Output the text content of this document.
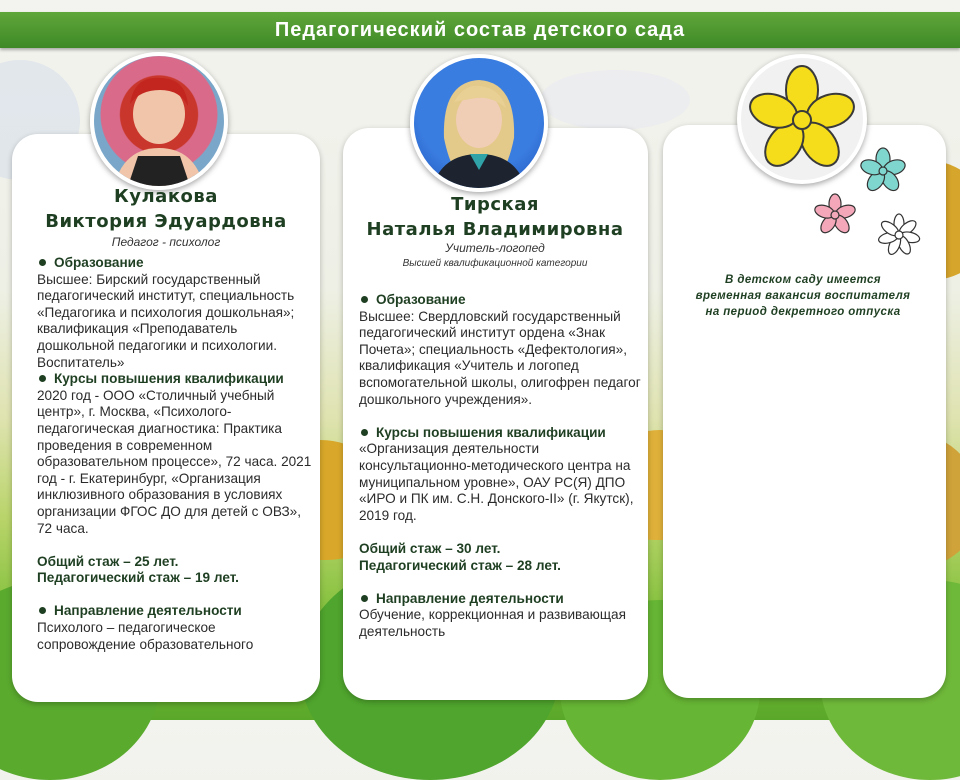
Педагогический состав детского сада
Кулакова
Виктория Эдуардовна
Педагог - психолог
Образование
Высшее: Бирский государственный педагогический институт, специальность «Педагогика и психология дошкольная»; квалификация «Преподаватель дошкольной педагогики и психологии. Воспитатель»
Курсы повышения квалификации
2020 год - ООО «Столичный учебный центр», г. Москва, «Психолого-педагогическая диагностика: Практика проведения в современном образовательном процессе», 72 часа. 2021 год - г. Екатеринбург, «Организация инклюзивного образования в условиях организации ФГОС ДО для детей с ОВЗ», 72 часа.
Общий стаж – 25 лет.
Педагогический стаж – 19 лет.
Направление деятельности
Психолого – педагогическое сопровождение образовательного
Тирская
Наталья Владимировна
Учитель-логопед
Высшей квалификационной категории
Образование
Высшее: Свердловский государственный педагогический институт ордена «Знак Почета»; специальность «Дефектология», квалификация «Учитель и логопед вспомогательной школы, олигофрен педагог дошкольного учреждения».
Курсы повышения квалификации
«Организация деятельности консультационно-методического центра на муниципальном уровне», ОАУ РС(Я) ДПО «ИРО и ПК им. С.Н. Донского-II» (г. Якутск), 2019 год.
Общий стаж – 30 лет.
Педагогический стаж – 28 лет.
Направление деятельности
Обучение, коррекционная и развивающая деятельность
В детском саду имеется
временная вакансия воспитателя
на период декретного отпуска
